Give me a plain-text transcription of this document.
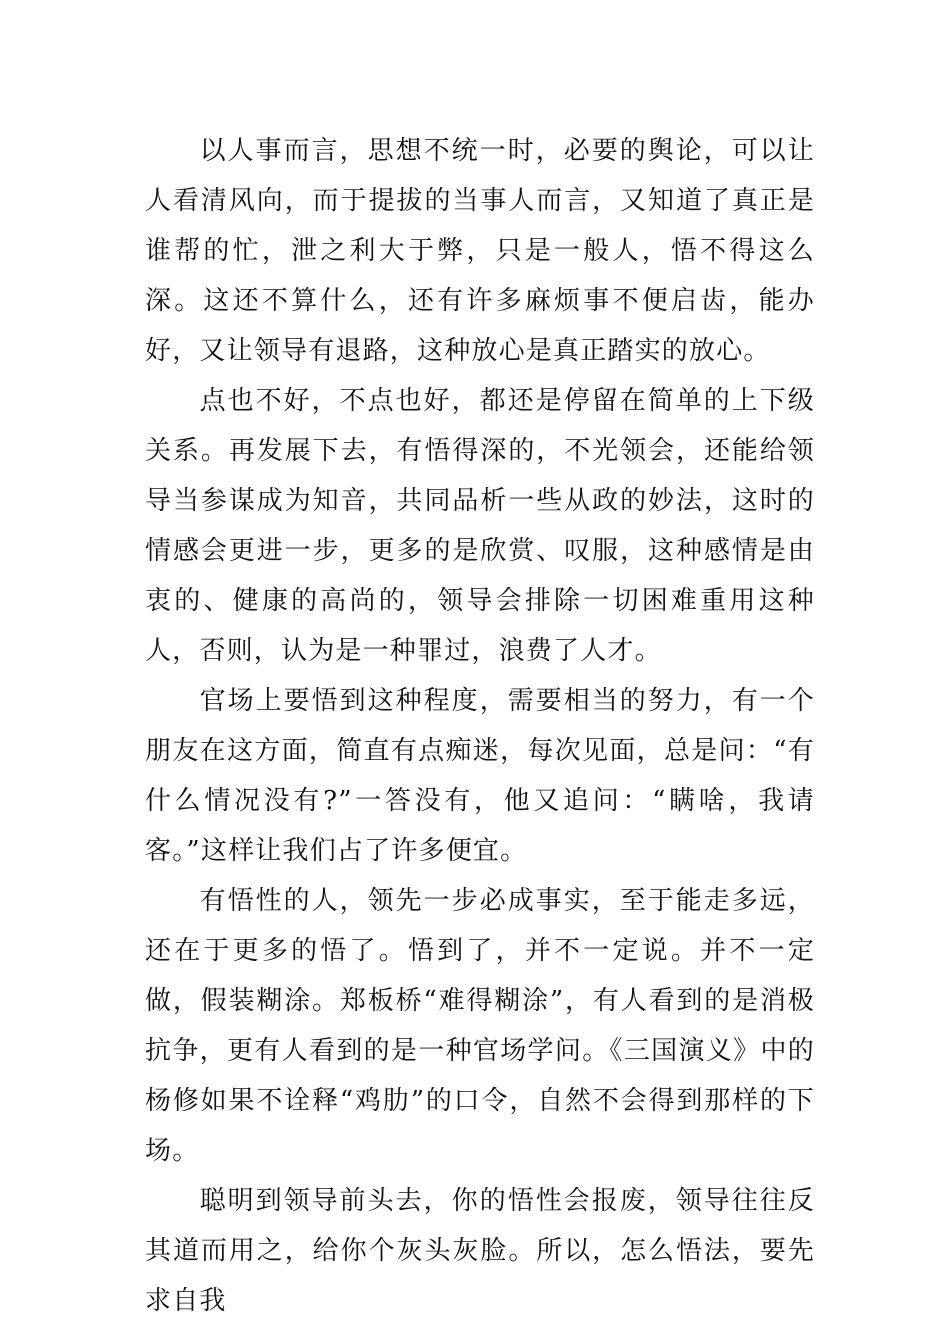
以人事而言，思想不统一时，必要的舆论，可以让人看清风向，而于提拔的当事人而言，又知道了真正是谁帮的忙，泄之利大于弊，只是一般人，悟不得这么深。这还不算什么，还有许多麻烦事不便启齿，能办好，又让领导有退路，这种放心是真正踏实的放心。

点也不好，不点也好，都还是停留在简单的上下级关系。再发展下去，有悟得深的，不光领会，还能给领导当参谋成为知音，共同品析一些从政的妙法，这时的情感会更进一步，更多的是欣赏、叹服，这种感情是由衷的、健康的高尚的，领导会排除一切困难重用这种人，否则，认为是一种罪过，浪费了人才。

官场上要悟到这种程度，需要相当的努力，有一个朋友在这方面，简直有点痴迷，每次见面，总是问：“有什么情况没有?”一答没有，他又追问：“瞒啥，我请客。”这样让我们占了许多便宜。

有悟性的人，领先一步必成事实，至于能走多远，还在于更多的悟了。悟到了，并不一定说。并不一定做，假装糊涂。郑板桥“难得糊涂”，有人看到的是消极抗争，更有人看到的是一种官场学问。《三国演义》中的杨修如果不诠释“鸡肋”的口令，自然不会得到那样的下场。

聪明到领导前头去，你的悟性会报废，领导往往反其道而用之，给你个灰头灰脸。所以，怎么悟法，要先求自我
